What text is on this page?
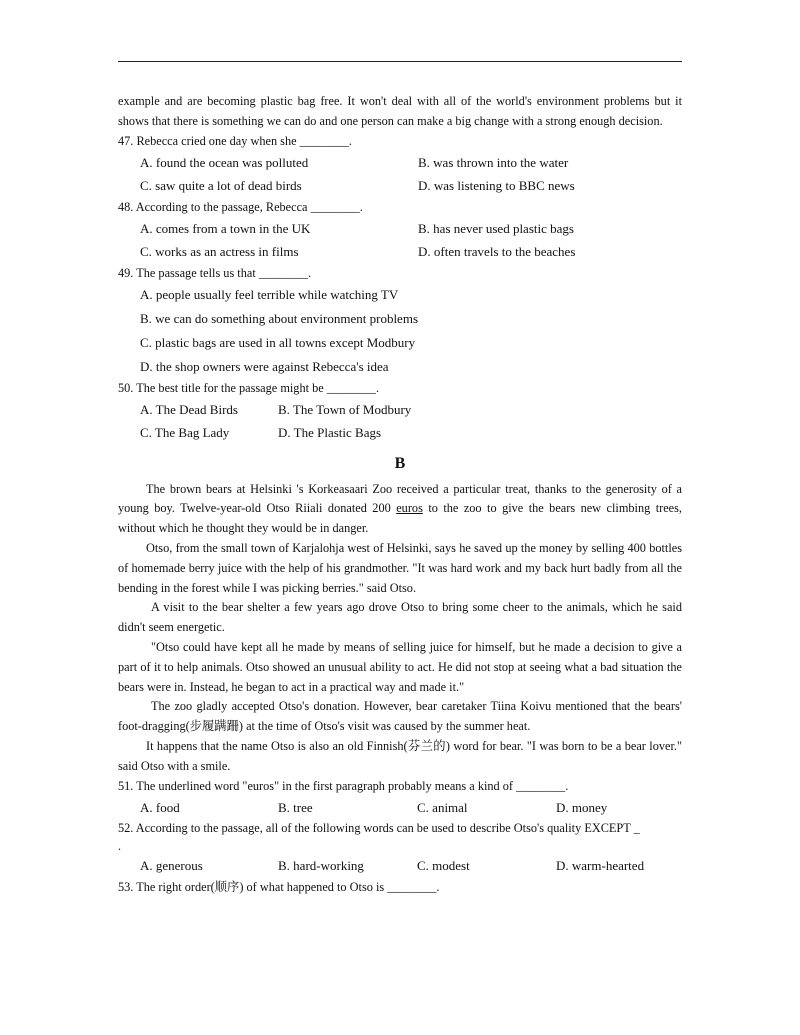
example and are becoming plastic bag free. It won't deal with all of the world's environment problems but it shows that there is something we can do and one person can make a big change with a strong enough decision.

47. Rebecca cried one day when she ________.

A. found the ocean was polluted	B. was thrown into the water
C. saw quite a lot of dead birds	D. was listening to BBC news

48. According to the passage, Rebecca ________.

A. comes from a town in the UK	B. has never used plastic bags
C. works as an actress in films	D. often travels to the beaches

49. The passage tells us that ________.

A. people usually feel terrible while watching TV
B. we can do something about environment problems
C. plastic bags are used in all towns except Modbury
D. the shop owners were against Rebecca's idea

50. The best title for the passage might be ________.

A. The Dead Birds	B. The Town of Modbury
C. The Bag Lady	D. The Plastic Bags
B

The brown bears at Helsinki 's Korkeasaari Zoo received a particular treat, thanks to the generosity of a young boy. Twelve-year-old Otso Riiali donated 200 euros to the zoo to give the bears new climbing trees, without which he thought they would be in danger.

Otso, from the small town of Karjalohja west of Helsinki, says he saved up the money by selling 400 bottles of homemade berry juice with the help of his grandmother. "It was hard work and my back hurt badly from all the bending in the forest while I was picking berries." said Otso.

A visit to the bear shelter a few years ago drove Otso to bring some cheer to the animals, which he said didn't seem energetic.

"Otso could have kept all he made by means of selling juice for himself, but he made a decision to give a part of it to help animals. Otso showed an unusual ability to act. He did not stop at seeing what a bad situation the bears were in. Instead, he began to act in a practical way and made it."

The zoo gladly accepted Otso's donation. However, bear caretaker Tiina Koivu mentioned that the bears' foot-dragging(步履蹒跚) at the time of Otso's visit was caused by the summer heat.

It happens that the name Otso is also an old Finnish(芬兰的) word for bear. "I was born to be a bear lover." said Otso with a smile.

51. The underlined word "euros" in the first paragraph probably means a kind of ________.

A. food	B. tree	C. animal	D. money

52. According to the passage, all of the following words can be used to describe Otso's quality EXCEPT _

.

A. generous	B. hard-working	C. modest	D. warm-hearted

53. The right order(顺序) of what happened to Otso is ________.
